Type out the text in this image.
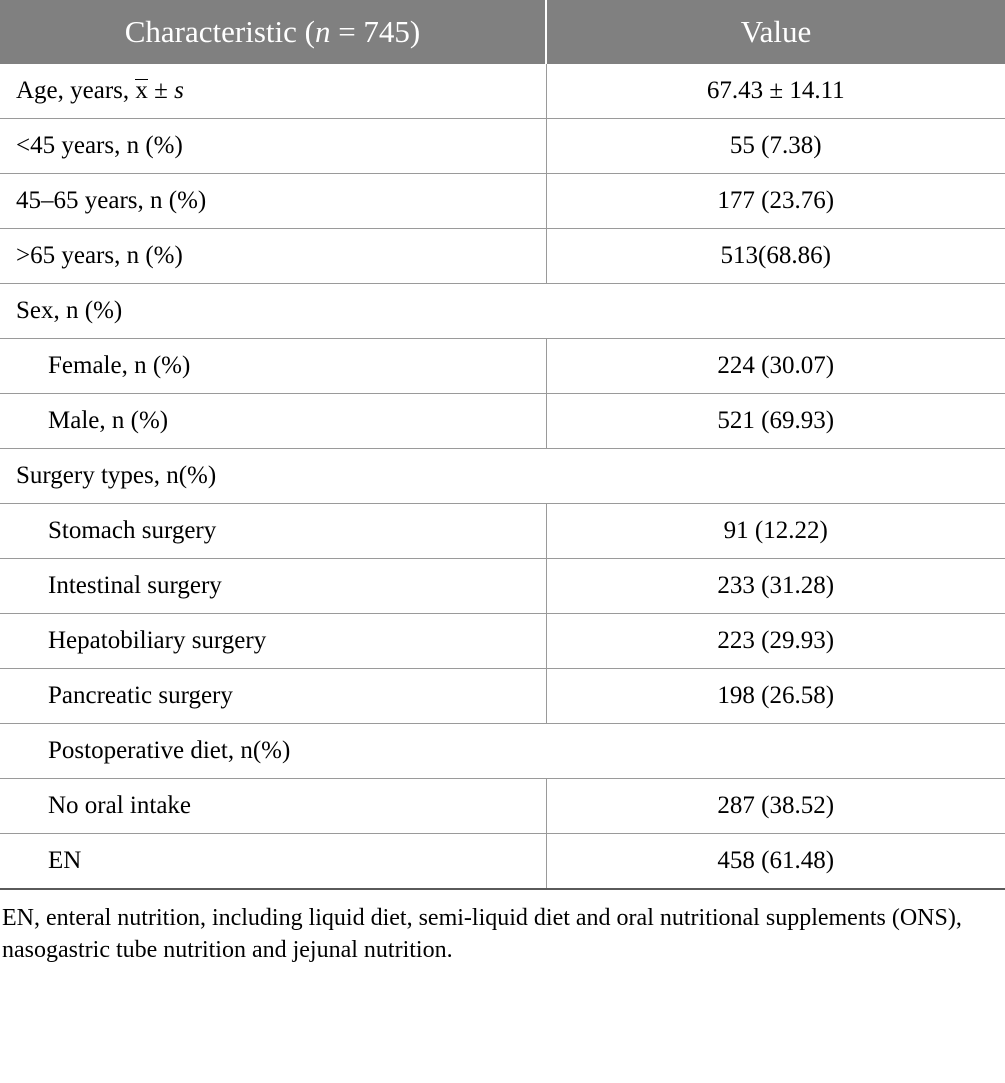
Characteristic (n = 745)	Value
Age, years, x ± s	67.43 ± 14.11
<45 years, n (%)	55 (7.38)
45–65 years, n (%)	177 (23.76)
>65 years, n (%)	513(68.86)
Sex, n (%)	
Female, n (%)	224 (30.07)
Male, n (%)	521 (69.93)
Surgery types, n(%)	
Stomach surgery	91 (12.22)
Intestinal surgery	233 (31.28)
Hepatobiliary surgery	223 (29.93)
Pancreatic surgery	198 (26.58)
Postoperative diet, n(%)	
No oral intake	287 (38.52)
EN	458 (61.48)
EN, enteral nutrition, including liquid diet, semi-liquid diet and oral nutritional supplements (ONS), nasogastric tube nutrition and jejunal nutrition.
